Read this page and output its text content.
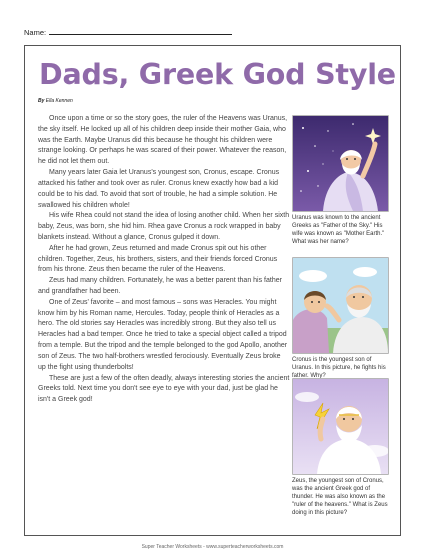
Name:
Dads, Greek God Style
By Ella Kennen

Once upon a time or so the story goes, the ruler of the Heavens was Uranus, the sky itself. He locked up all of his children deep inside their mother Gaia, who was the Earth. Maybe Uranus did this because he thought his children were strange looking. Or perhaps he was scared of their power. Whatever the reason, he did not let them out.

Many years later Gaia let Uranus's youngest son, Cronus, escape. Cronus attacked his father and took over as ruler. Cronus knew exactly how bad a kid could be to his dad. To avoid that sort of trouble, he had a simple solution. He swallowed his children whole!

His wife Rhea could not stand the idea of losing another child. When her sixth baby, Zeus, was born, she hid him. Rhea gave Cronus a rock wrapped in baby blankets instead. Without a glance, Cronus gulped it down.

After he had grown, Zeus returned and made Cronus spit out his other children. Together, Zeus, his brothers, sisters, and their friends forced Cronus from his throne. Zeus then became the ruler of the Heavens.

Zeus had many children. Fortunately, he was a better parent than his father and grandfather had been.

One of Zeus' favorite – and most famous – sons was Heracles. You might know him by his Roman name, Hercules. Today, people think of Heracles as a hero. The old stories say Heracles was incredibly strong. But they also tell us Heracles had a bad temper. Once he tried to take a special object called a tripod from a temple. But the tripod and the temple belonged to the god Apollo, another son of Zeus. The two half-brothers wrestled ferociously. Eventually Zeus broke up the fight using thunderbolts!

These are just a few of the often deadly, always interesting stories the ancient Greeks told. Next time you don't see eye to eye with your dad, just be glad he isn't a Greek god!

Uranus was known to the ancient Greeks as "Father of the Sky." His wife was known as "Mother Earth." What was her name?
Cronus is the youngest son of Uranus. In this picture, he fights his father. Why?
Zeus, the youngest son of Cronus, was the ancient Greek god of thunder. He was also known as the "ruler of the heavens." What is Zeus doing in this picture?
Super Teacher Worksheets - www.superteacherworksheets.com
